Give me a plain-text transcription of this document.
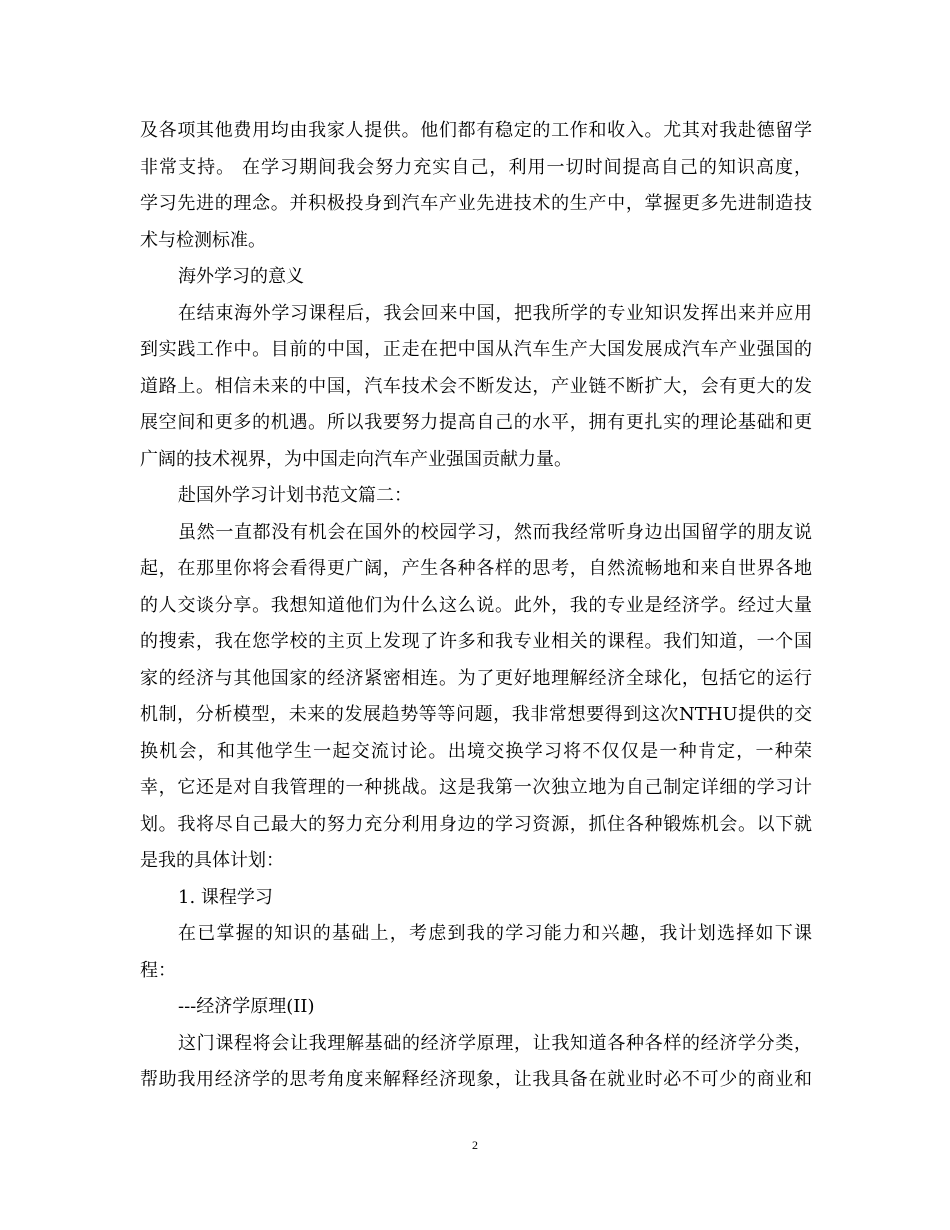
及各项其他费用均由我家人提供。他们都有稳定的工作和收入。尤其对我赴德留学
非常支持。 在学习期间我会努力充实自己，利用一切时间提高自己的知识高度，
学习先进的理念。并积极投身到汽车产业先进技术的生产中，掌握更多先进制造技
术与检测标准。
海外学习的意义
在结束海外学习课程后，我会回来中国，把我所学的专业知识发挥出来并应用
到实践工作中。目前的中国，正走在把中国从汽车生产大国发展成汽车产业强国的
道路上。相信未来的中国，汽车技术会不断发达，产业链不断扩大，会有更大的发
展空间和更多的机遇。所以我要努力提高自己的水平，拥有更扎实的理论基础和更
广阔的技术视界，为中国走向汽车产业强国贡献力量。
赴国外学习计划书范文篇二：
虽然一直都没有机会在国外的校园学习，然而我经常听身边出国留学的朋友说
起，在那里你将会看得更广阔，产生各种各样的思考，自然流畅地和来自世界各地
的人交谈分享。我想知道他们为什么这么说。此外，我的专业是经济学。经过大量
的搜索，我在您学校的主页上发现了许多和我专业相关的课程。我们知道，一个国
家的经济与其他国家的经济紧密相连。为了更好地理解经济全球化，包括它的运行
机制，分析模型，未来的发展趋势等等问题，我非常想要得到这次NTHU提供的交
换机会，和其他学生一起交流讨论。出境交换学习将不仅仅是一种肯定，一种荣
幸，它还是对自我管理的一种挑战。这是我第一次独立地为自己制定详细的学习计
划。我将尽自己最大的努力充分利用身边的学习资源，抓住各种锻炼机会。以下就
是我的具体计划：
1. 课程学习
在已掌握的知识的基础上，考虑到我的学习能力和兴趣，我计划选择如下课
程：
---经济学原理(II)
这门课程将会让我理解基础的经济学原理，让我知道各种各样的经济学分类，
帮助我用经济学的思考角度来解释经济现象，让我具备在就业时必不可少的商业和
2
